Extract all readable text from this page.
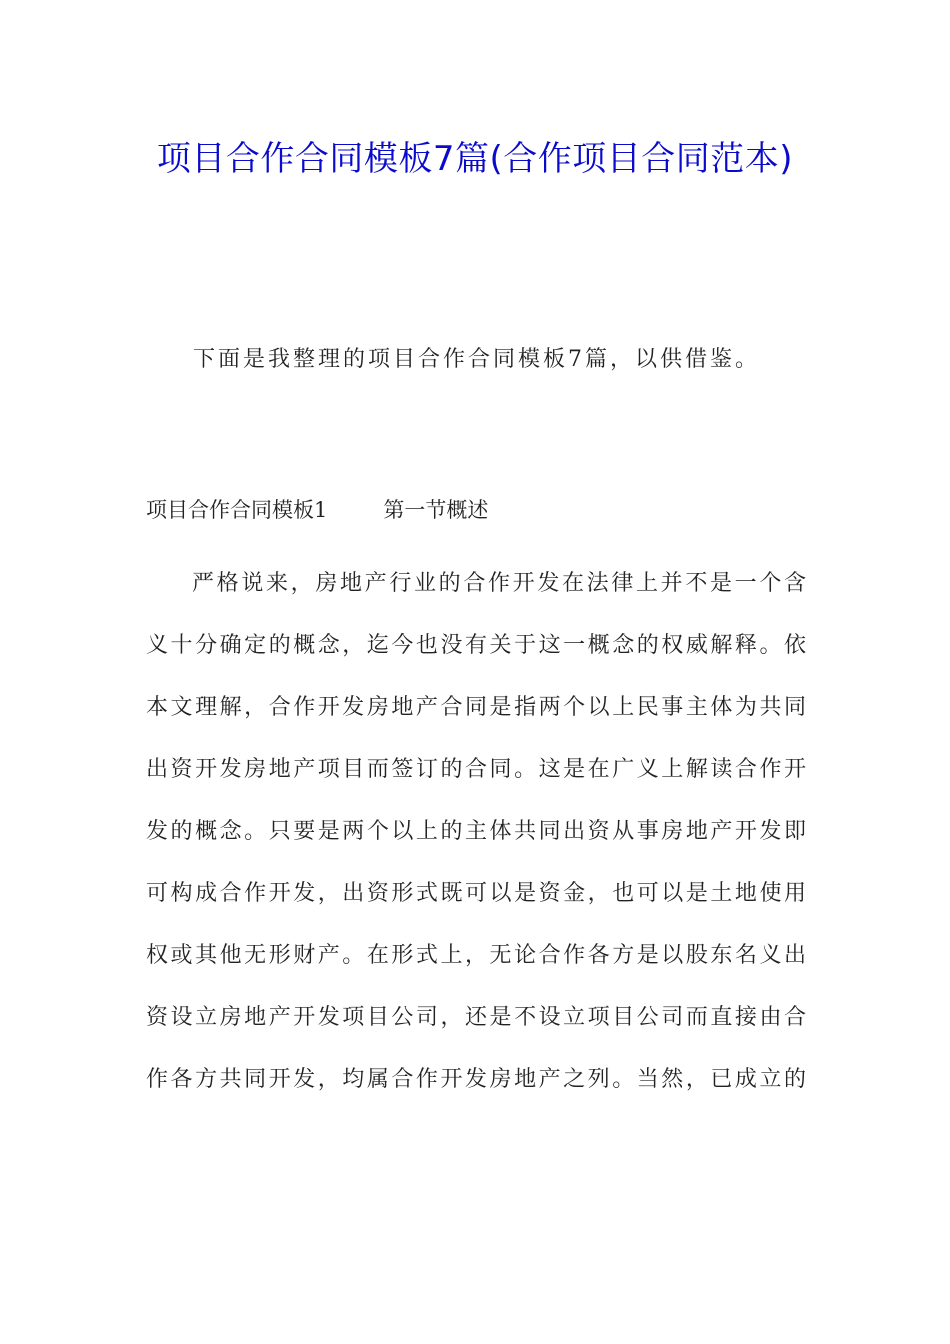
项目合作合同模板7篇(合作项目合同范本)
下面是我整理的项目合作合同模板7篇，以供借鉴。
项目合作合同模板1	第一节概述
严格说来，房地产行业的合作开发在法律上并不是一个含
义十分确定的概念，迄今也没有关于这一概念的权威解释。依
本文理解，合作开发房地产合同是指两个以上民事主体为共同
出资开发房地产项目而签订的合同。这是在广义上解读合作开
发的概念。只要是两个以上的主体共同出资从事房地产开发即
可构成合作开发，出资形式既可以是资金，也可以是土地使用
权或其他无形财产。在形式上，无论合作各方是以股东名义出
资设立房地产开发项目公司，还是不设立项目公司而直接由合
作各方共同开发，均属合作开发房地产之列。当然，已成立的
